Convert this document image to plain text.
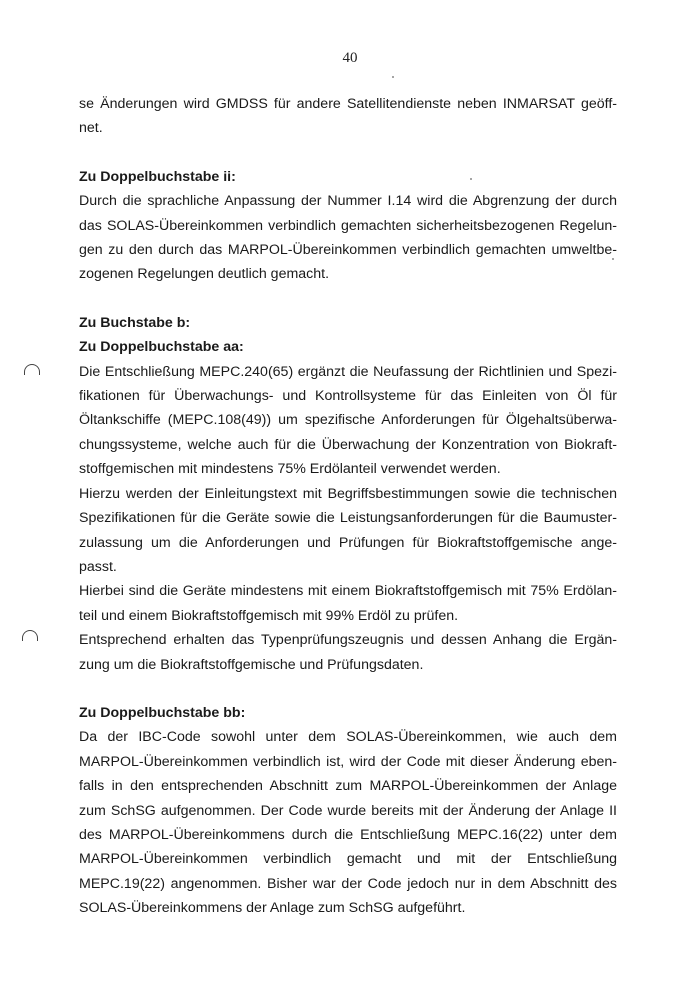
40

se Änderungen wird GMDSS für andere Satellitendienste neben INMARSAT geöff-
net.

Zu Doppelbuchstabe ii:

Durch die sprachliche Anpassung der Nummer I.14 wird die Abgrenzung der durch
das SOLAS-Übereinkommen verbindlich gemachten sicherheitsbezogenen Regelun-
gen zu den durch das MARPOL-Übereinkommen verbindlich gemachten umweltbe-
zogenen Regelungen deutlich gemacht.

Zu Buchstabe b:

Zu Doppelbuchstabe aa:

Die Entschließung MEPC.240(65) ergänzt die Neufassung der Richtlinien und Spezi-
fikationen für Überwachungs- und Kontrollsysteme für das Einleiten von Öl für
Öltankschiffe (MEPC.108(49)) um spezifische Anforderungen für Ölgehaltsüberwa-
chungssysteme, welche auch für die Überwachung der Konzentration von Biokraft-
stoffgemischen mit mindestens 75% Erdölanteil verwendet werden.

Hierzu werden der Einleitungstext mit Begriffsbestimmungen sowie die technischen
Spezifikationen für die Geräte sowie die Leistungsanforderungen für die Baumuster-
zulassung um die Anforderungen und Prüfungen für Biokraftstoffgemische ange-
passt.

Hierbei sind die Geräte mindestens mit einem Biokraftstoffgemisch mit 75% Erdölan-
teil und einem Biokraftstoffgemisch mit 99% Erdöl zu prüfen.

Entsprechend erhalten das Typenprüfungszeugnis und dessen Anhang die Ergän-
zung um die Biokraftstoffgemische und Prüfungsdaten.

Zu Doppelbuchstabe bb:

Da der IBC-Code sowohl unter dem SOLAS-Übereinkommen, wie auch dem
MARPOL-Übereinkommen verbindlich ist, wird der Code mit dieser Änderung eben-
falls in den entsprechenden Abschnitt zum MARPOL-Übereinkommen der Anlage
zum SchSG aufgenommen. Der Code wurde bereits mit der Änderung der Anlage II
des MARPOL-Übereinkommens durch die Entschließung MEPC.16(22) unter dem
MARPOL-Übereinkommen verbindlich gemacht und mit der Entschließung
MEPC.19(22) angenommen. Bisher war der Code jedoch nur in dem Abschnitt des
SOLAS-Übereinkommens der Anlage zum SchSG aufgeführt.
